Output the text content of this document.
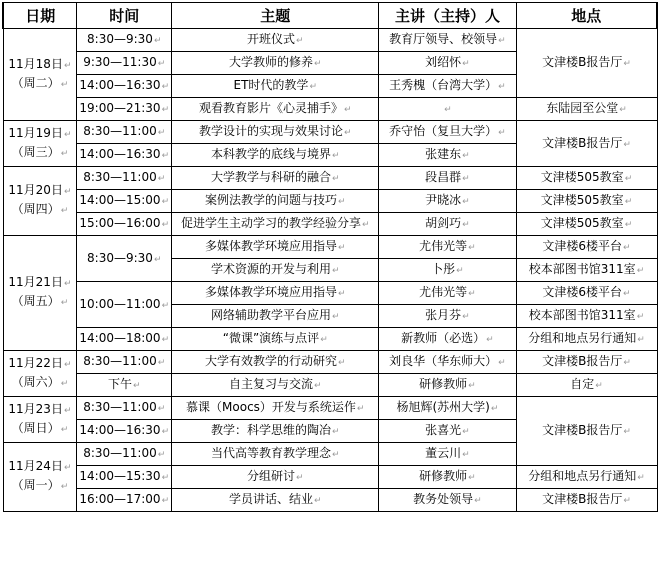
日期	时间	主题	主讲（主持）人	地点
11月18日↵
（周二）↵	8:30—9:30↵	开班仪式↵	教育厅领导、校领导↵	文津楼B报告厅↵
	9:30—11:30↵	大学教师的修养↵	刘绍怀↵	
	14:00—16:30↵	ET时代的教学↵	王秀槐（台湾大学）↵	
	19:00—21:30↵	观看教育影片《心灵捕手》↵	↵	东陆园至公堂↵
11月19日↵
（周三）↵	8:30—11:00↵	教学设计的实现与效果讨论↵	乔守怡（复旦大学）↵	文津楼B报告厅↵
	14:00—16:30↵	本科教学的底线与境界↵	张建东↵	
11月20日↵
（周四）↵	8:30—11:00↵	大学教学与科研的融合↵	段昌群↵	文津楼505教室↵
	14:00—15:00↵	案例法教学的问题与技巧↵	尹晓冰↵	文津楼505教室↵
	15:00—16:00↵	促进学生主动学习的教学经验分享↵	胡剑巧↵	文津楼505教室↵
11月21日↵
（周五）↵	8:30—9:30↵	多媒体教学环境应用指导↵	尤伟光等↵	文津楼6楼平台↵
		学术资源的开发与利用↵	卜彤↵	校本部图书馆311室↵
	10:00—11:00↵	多媒体教学环境应用指导↵	尤伟光等↵	文津楼6楼平台↵
		网络辅助教学平台应用↵	张月芬↵	校本部图书馆311室↵
	14:00—18:00↵	“微课”演练与点评↵	新教师（必选）↵	分组和地点另行通知↵
11月22日↵
（周六）↵	8:30—11:00↵	大学有效教学的行动研究↵	刘良华（华东师大）↵	文津楼B报告厅↵
	下午↵	自主复习与交流↵	研修教师↵	自定↵
11月23日↵
（周日）↵	8:30—11:00↵	慕课（Moocs）开发与系统运作↵	杨旭辉(苏州大学)↵	文津楼B报告厅↵
	14:00—16:30↵	教学：科学思维的陶冶↵	张喜光↵	
11月24日↵
（周一）↵	8:30—11:00↵	当代高等教育教学理念↵	董云川↵	
	14:00—15:30↵	分组研讨↵	研修教师↵	分组和地点另行通知↵
	16:00—17:00↵	学员讲话、结业↵	教务处领导↵	文津楼B报告厅↵
